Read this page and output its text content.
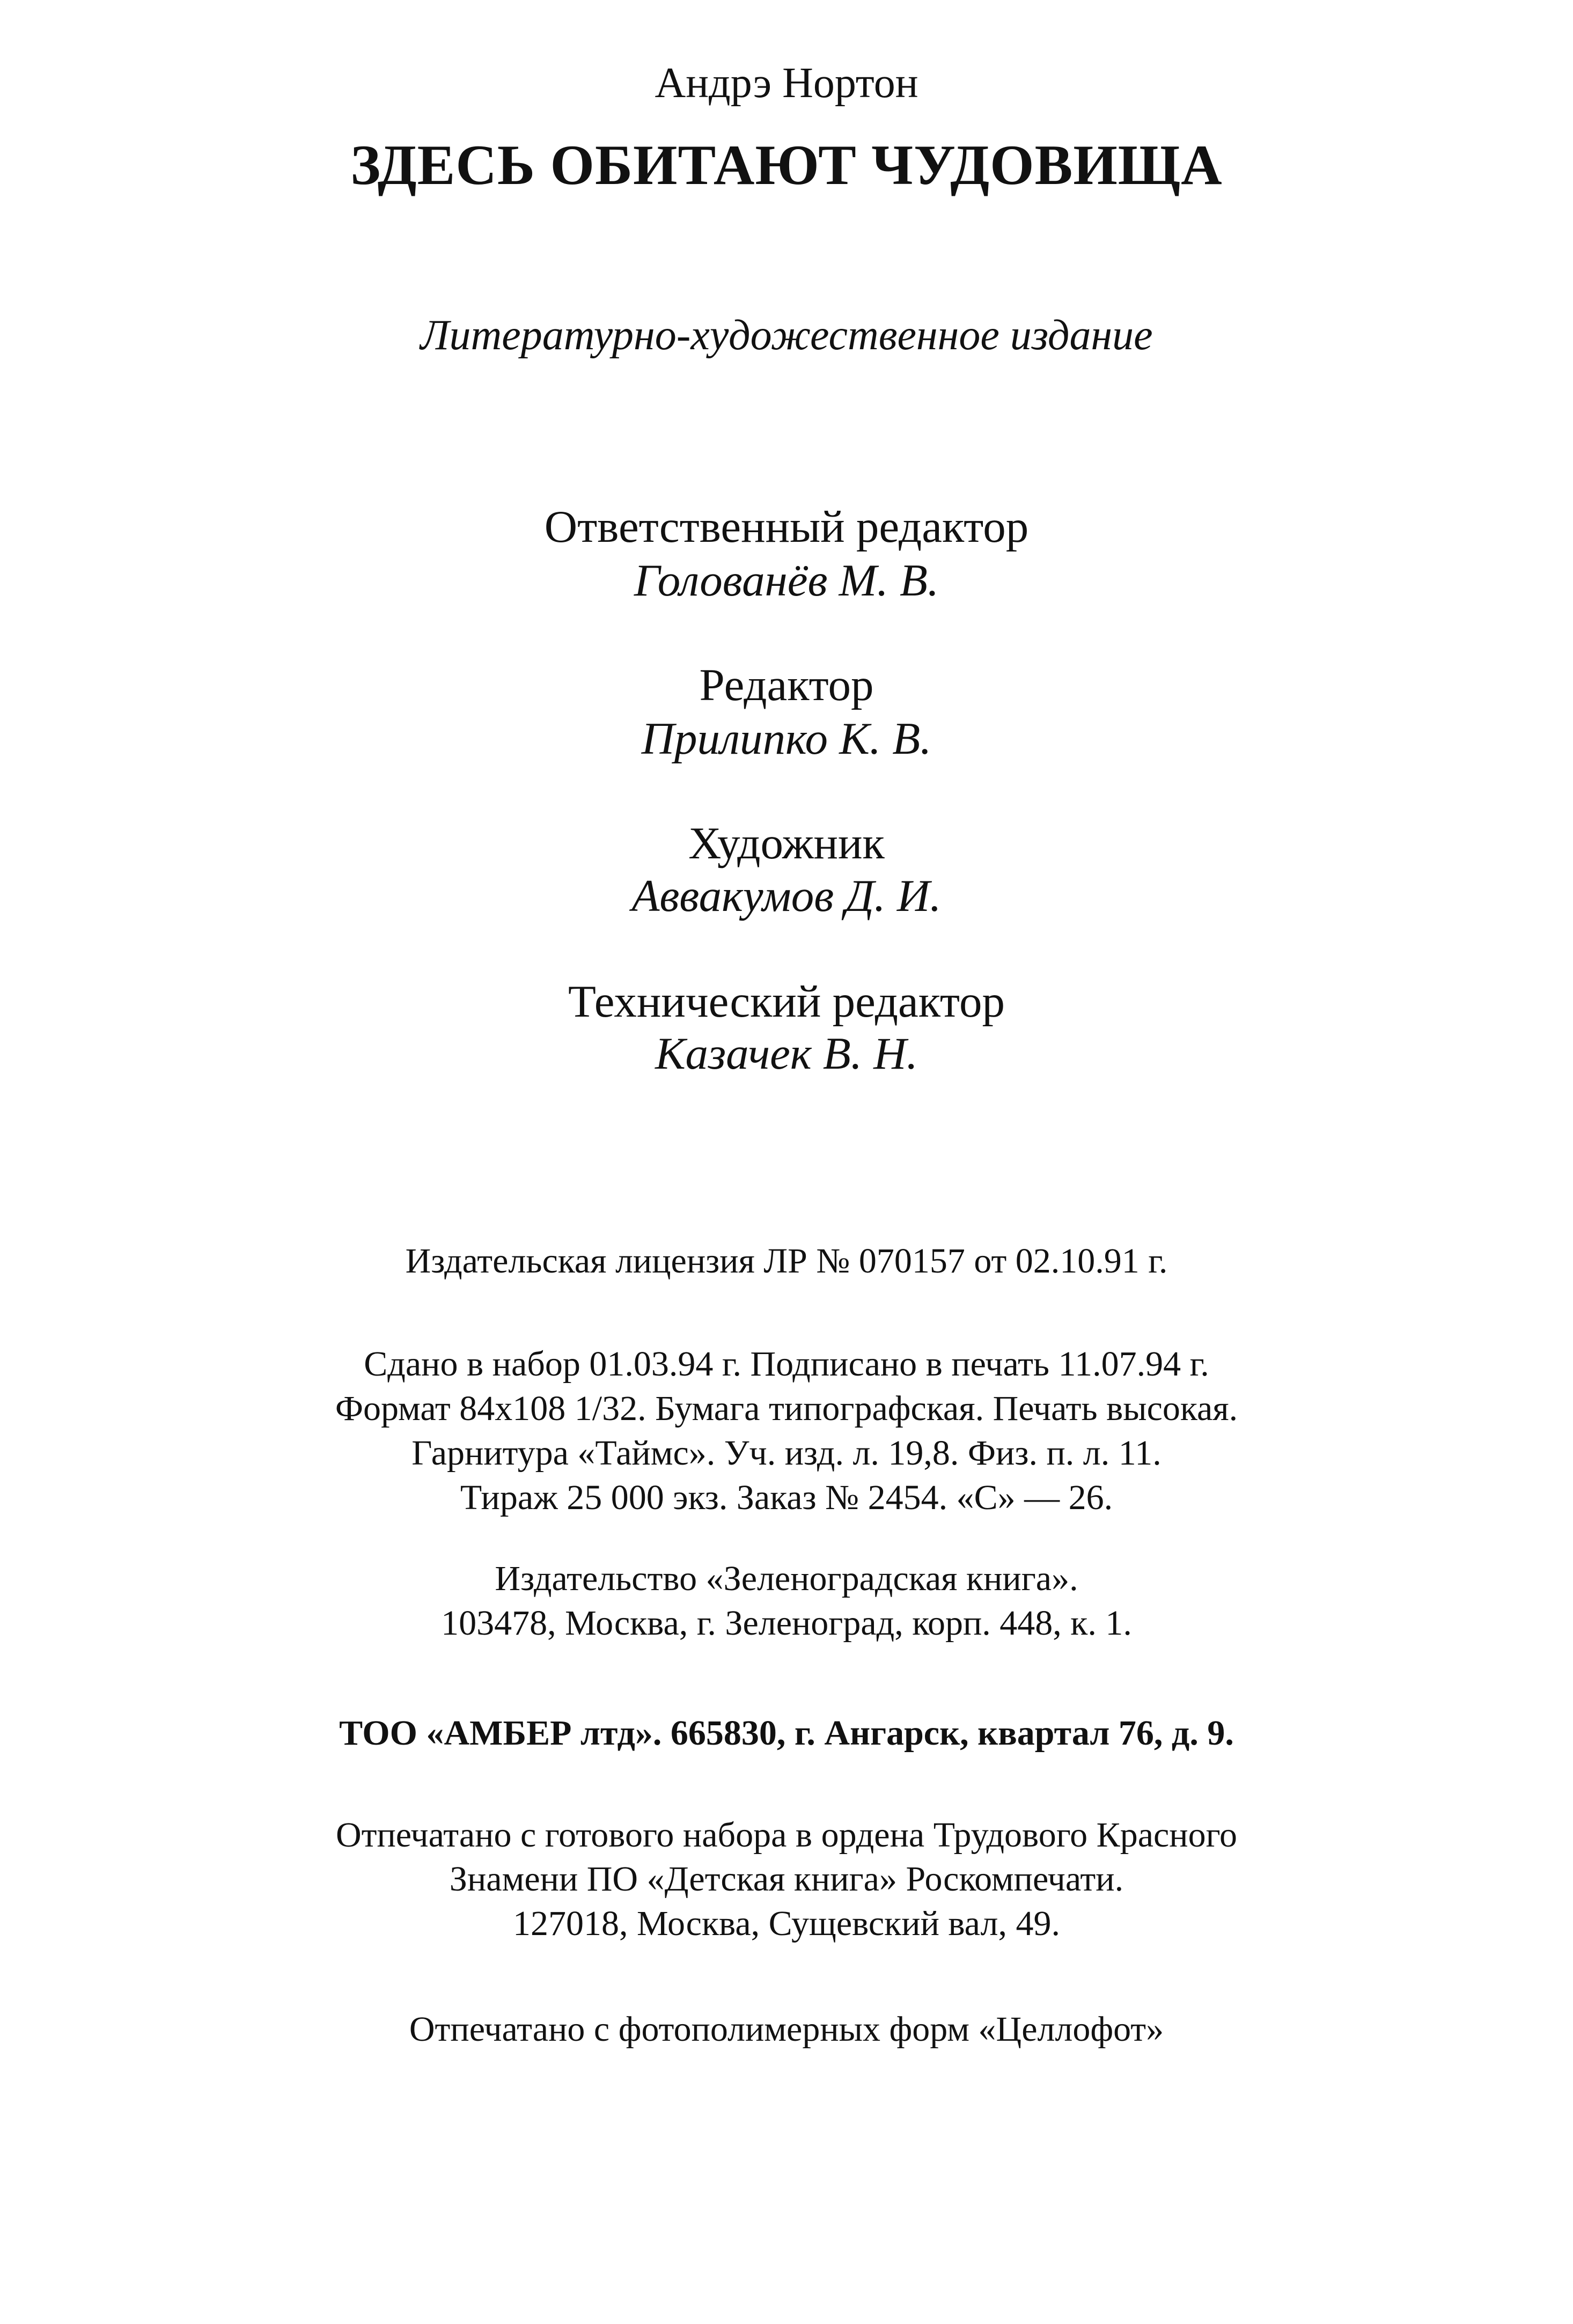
Андрэ Нортон
ЗДЕСЬ ОБИТАЮТ ЧУДОВИЩА
Литературно-художественное издание
Ответственный редактор
Голованёв М. В.
Редактор
Прилипко К. В.
Художник
Аввакумов Д. И.
Технический редактор
Казачек В. Н.
Издательская лицензия ЛР № 070157 от 02.10.91 г.
Сдано в набор 01.03.94 г. Подписано в печать 11.07.94 г.
Формат 84x108 1/32. Бумага типографская. Печать высокая.
Гарнитура «Таймс». Уч. изд. л. 19,8. Физ. п. л. 11.
Тираж 25 000 экз. Заказ № 2454. «С» — 26.
Издательство «Зеленоградская книга».
103478, Москва, г. Зеленоград, корп. 448, к. 1.
ТОО «АМБЕР лтд». 665830, г. Ангарск, квартал 76, д. 9.
Отпечатано с готового набора в ордена Трудового Красного
Знамени ПО «Детская книга» Роскомпечати.
127018, Москва, Сущевский вал, 49.
Отпечатано с фотополимерных форм «Целлофот»
